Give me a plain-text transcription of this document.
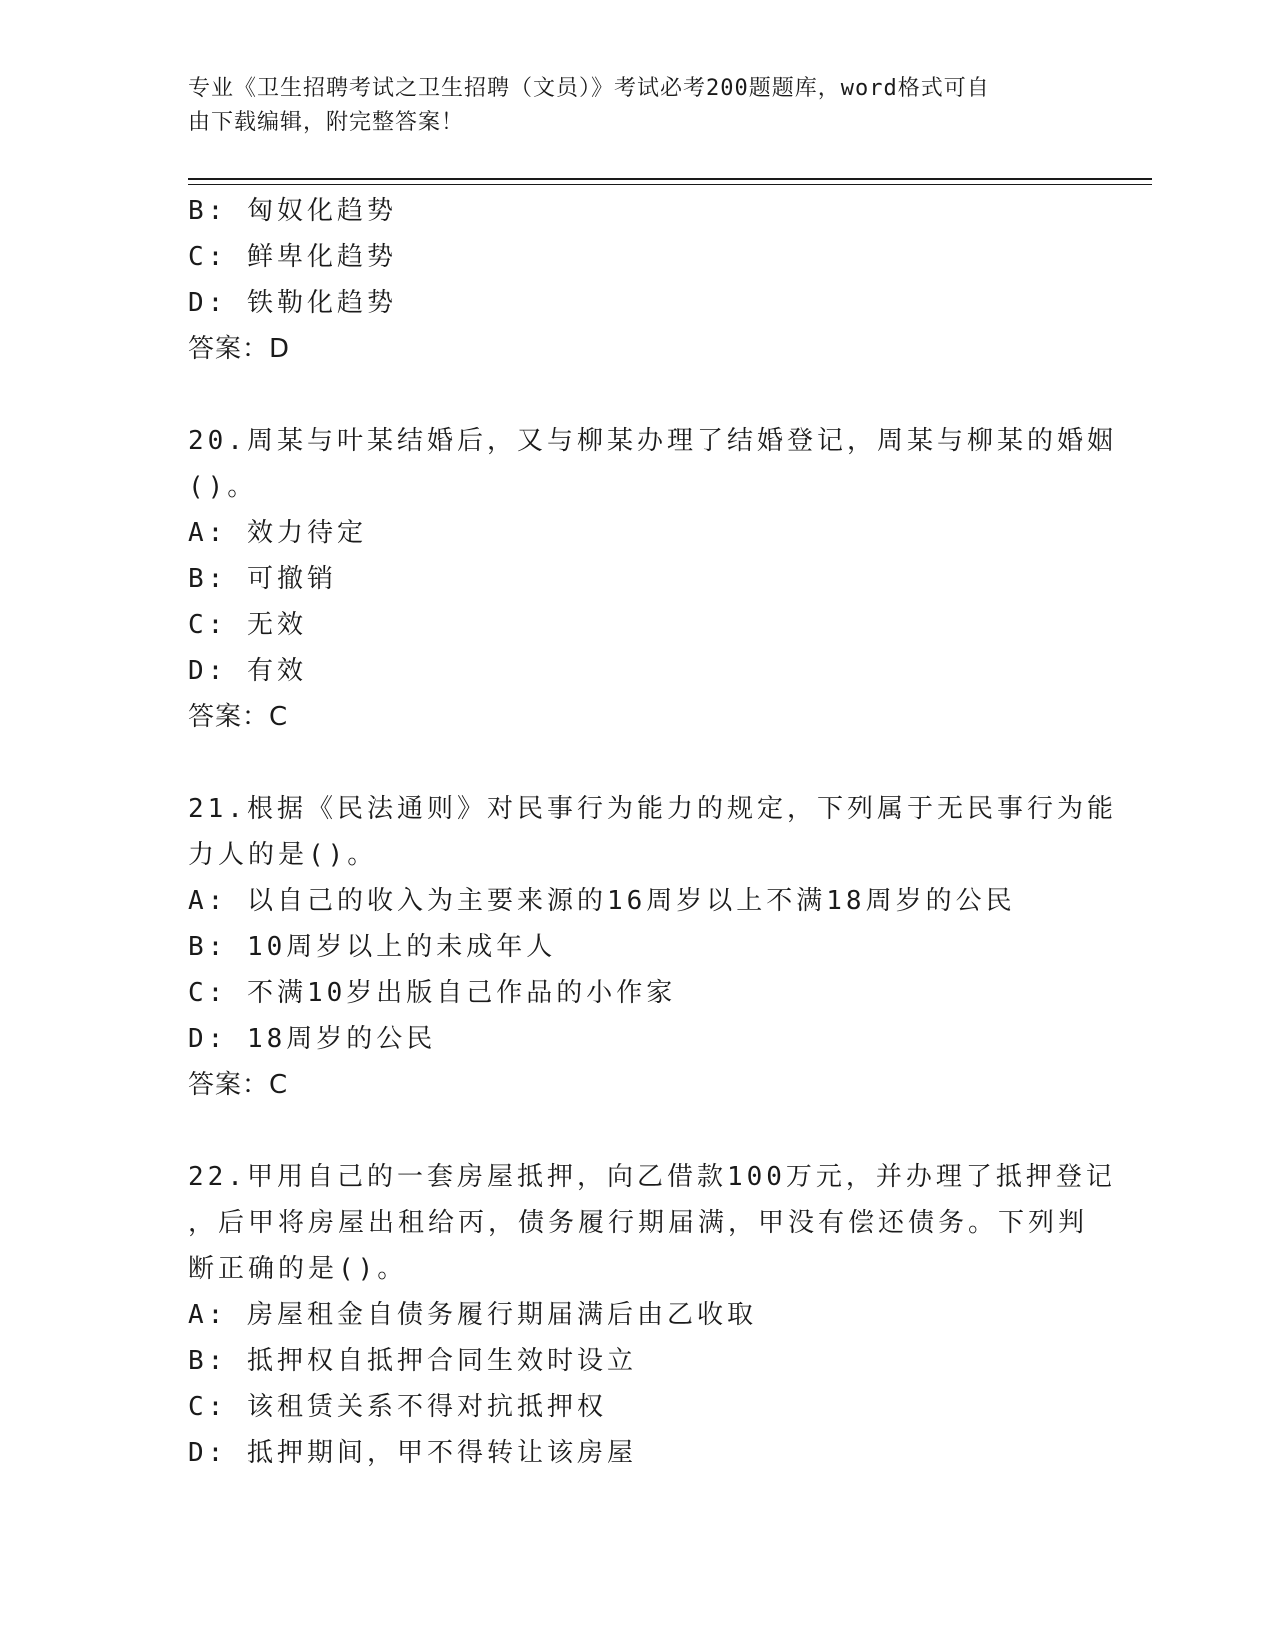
专业《卫生招聘考试之卫生招聘（文员）》考试必考200题题库，word格式可自
由下载编辑，附完整答案！
B: 匈奴化趋势
C: 鲜卑化趋势
D: 铁勒化趋势
答案：D
20.周某与叶某结婚后，又与柳某办理了结婚登记，周某与柳某的婚姻
()。
A: 效力待定
B: 可撤销
C: 无效
D: 有效
答案：C
21.根据《民法通则》对民事行为能力的规定，下列属于无民事行为能
力人的是()。
A: 以自己的收入为主要来源的16周岁以上不满18周岁的公民
B: 10周岁以上的未成年人
C: 不满10岁出版自己作品的小作家
D: 18周岁的公民
答案：C
22.甲用自己的一套房屋抵押，向乙借款100万元，并办理了抵押登记
，后甲将房屋出租给丙，债务履行期届满，甲没有偿还债务。下列判
断正确的是()。
A: 房屋租金自债务履行期届满后由乙收取
B: 抵押权自抵押合同生效时设立
C: 该租赁关系不得对抗抵押权
D: 抵押期间，甲不得转让该房屋
